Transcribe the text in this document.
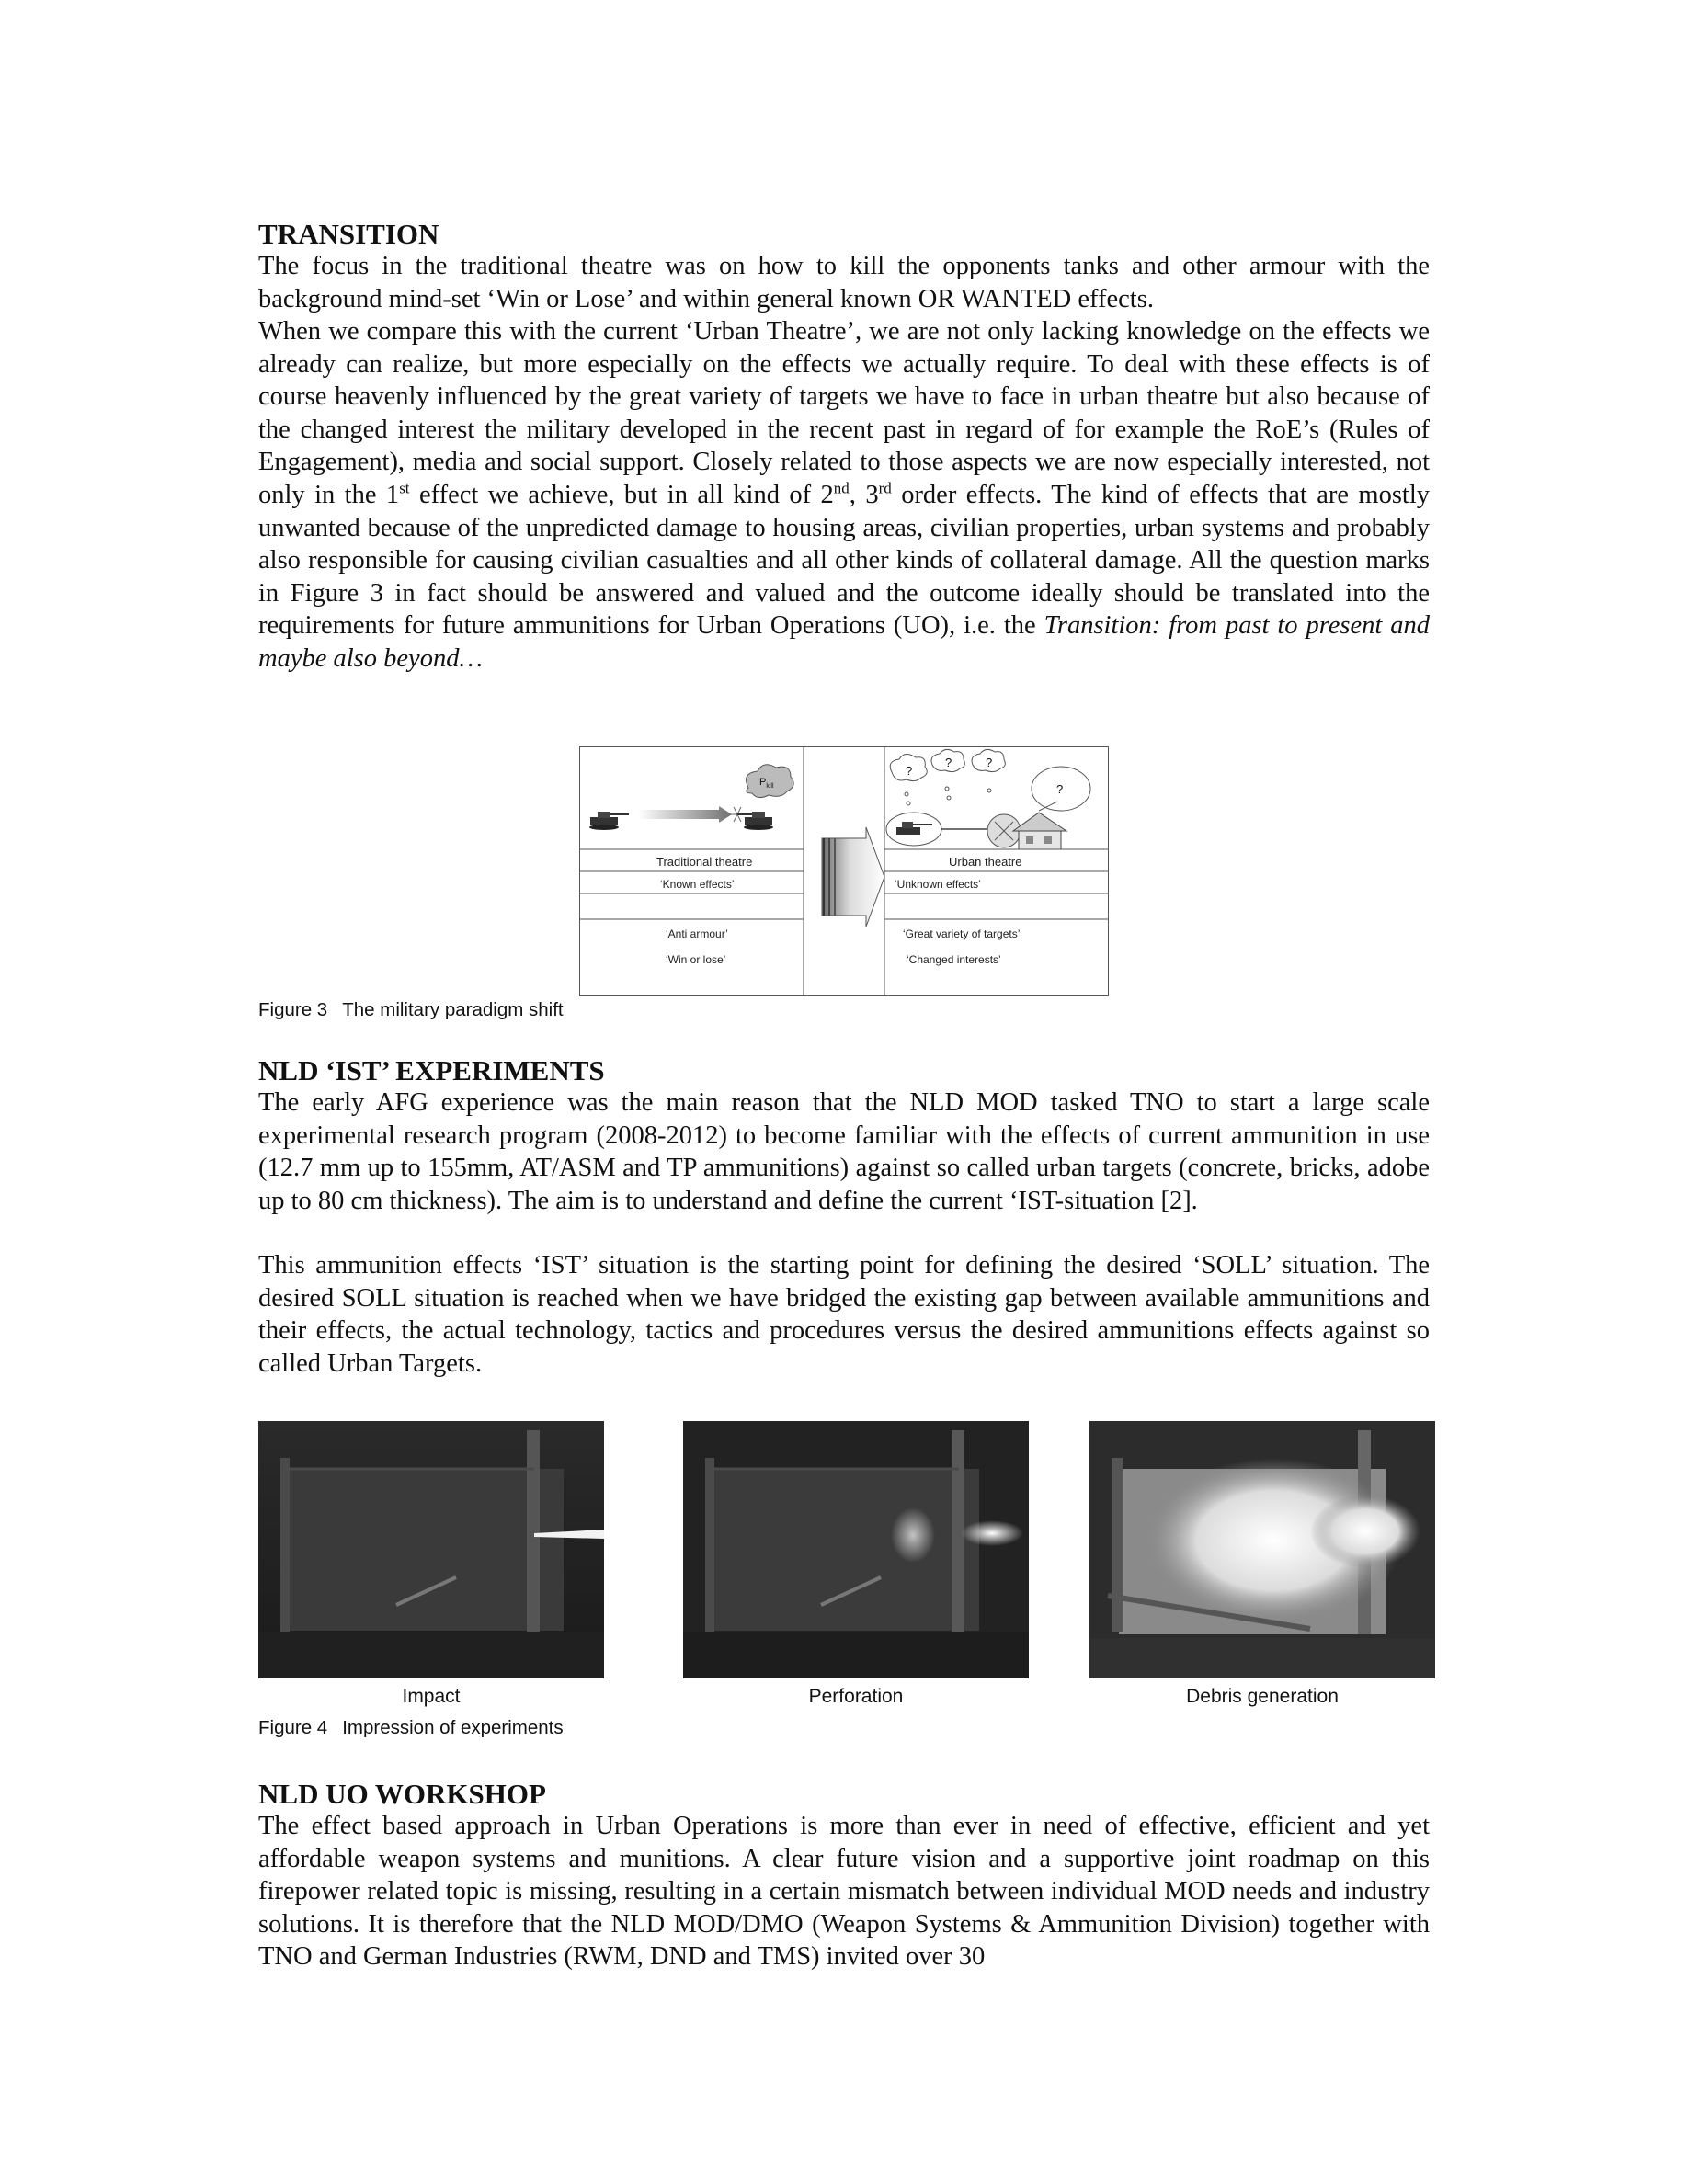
TRANSITION

The focus in the traditional theatre was on how to kill the opponents tanks and other armour with the background mind-set ‘Win or Lose’ and within general known OR WANTED effects.

When we compare this with the current ‘Urban Theatre’, we are not only lacking knowledge on the effects we already can realize, but more especially on the effects we actually require. To deal with these effects is of course heavenly influenced by the great variety of targets we have to face in urban theatre but also because of the changed interest the military developed in the recent past in regard of for example the RoE’s (Rules of Engagement), media and social support. Closely related to those aspects we are now especially interested, not only in the 1st effect we achieve, but in all kind of 2nd, 3rd order effects. The kind of effects that are mostly unwanted because of the unpredicted damage to housing areas, civilian properties, urban systems and probably also responsible for causing civilian casualties and all other kinds of collateral damage. All the question marks in Figure 3 in fact should be answered and valued and the outcome ideally should be translated into the requirements for future ammunitions for Urban Operations (UO), i.e. the Transition: from past to present and maybe also beyond…

$P_{kill}$
?
?	?
?
Traditional theatre	Urban theatre
‘Known effects’	‘Unknown effects’
‘Anti armour’
‘Win or lose’
‘Great variety of targets’
‘Changed interests’

Figure 3 The military paradigm shift

NLD ‘IST’ EXPERIMENTS

The early AFG experience was the main reason that the NLD MOD tasked TNO to start a large scale experimental research program (2008-2012) to become familiar with the effects of current ammunition in use (12.7 mm up to 155mm, AT/ASM and TP ammunitions) against so called urban targets (concrete, bricks, adobe up to 80 cm thickness). The aim is to understand and define the current ‘IST-situation [2].

This ammunition effects ‘IST’ situation is the starting point for defining the desired ‘SOLL’ situation. The desired SOLL situation is reached when we have bridged the existing gap between available ammunitions and their effects, the actual technology, tactics and procedures versus the desired ammunitions effects against so called Urban Targets.

Impact	Perforation	Debris generation

Figure 4 Impression of experiments

NLD UO WORKSHOP

The effect based approach in Urban Operations is more than ever in need of effective, efficient and yet affordable weapon systems and munitions. A clear future vision and a supportive joint roadmap on this firepower related topic is missing, resulting in a certain mismatch between individual MOD needs and industry solutions. It is therefore that the NLD MOD/DMO (Weapon Systems & Ammunition Division) together with TNO and German Industries (RWM, DND and TMS) invited over 30
